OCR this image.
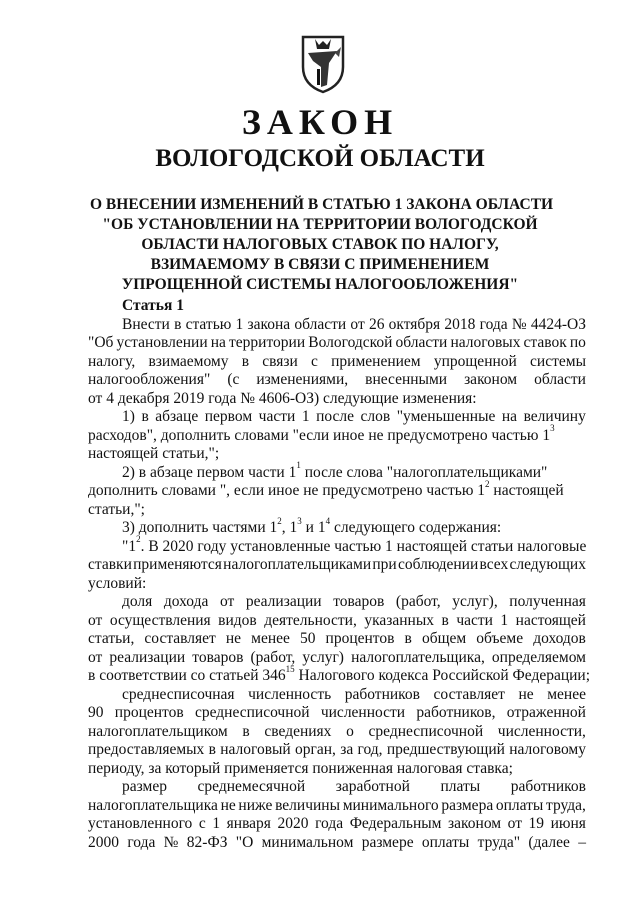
ЗАКОН
ВОЛОГОДСКОЙ ОБЛАСТИ
О ВНЕСЕНИИ ИЗМЕНЕНИЙ В СТАТЬЮ 1 ЗАКОНА ОБЛАСТИ
"ОБ УСТАНОВЛЕНИИ НА ТЕРРИТОРИИ ВОЛОГОДСКОЙ
ОБЛАСТИ НАЛОГОВЫХ СТАВОК ПО НАЛОГУ,
ВЗИМАЕМОМУ В СВЯЗИ С ПРИМЕНЕНИЕМ
УПРОЩЕННОЙ СИСТЕМЫ НАЛОГООБЛОЖЕНИЯ"
Статья 1
Внести в статью 1 закона области от 26 октября 2018 года № 4424-ОЗ
"Об установлении на территории Вологодской области налоговых ставок по
налогу, взимаемому в связи с применением упрощенной системы
налогообложения" (с изменениями, внесенными законом области
от 4 декабря 2019 года № 4606-ОЗ) следующие изменения:
1) в абзаце первом части 1 после слов "уменьшенные на величину
расходов", дополнить словами "если иное не предусмотрено частью $1^3$
настоящей статьи,";
2) в абзаце первом части $1^1$ после слова "налогоплательщиками"
дополнить словами ", если иное не предусмотрено частью $1^2$ настоящей
статьи,";
3) дополнить частями $1^2$, $1^3$ и $1^4$ следующего содержания:
"$1^2$. В 2020 году установленные частью 1 настоящей статьи налоговые
ставки применяются налогоплательщиками при соблюдении всех следующих
условий:
доля дохода от реализации товаров (работ, услуг), полученная
от осуществления видов деятельности, указанных в части 1 настоящей
статьи, составляет не менее 50 процентов в общем объеме доходов
от реализации товаров (работ, услуг) налогоплательщика, определяемом
в соответствии со статьей $346^{15}$ Налогового кодекса Российской Федерации;
среднесписочная численность работников составляет не менее
90 процентов среднесписочной численности работников, отраженной
налогоплательщиком в сведениях о среднесписочной численности,
предоставляемых в налоговый орган, за год, предшествующий налоговому
периоду, за который применяется пониженная налоговая ставка;
размер среднемесячной заработной платы работников
налогоплательщика не ниже величины минимального размера оплаты труда,
установленного с 1 января 2020 года Федеральным законом от 19 июня
2000 года № 82-ФЗ "О минимальном размере оплаты труда" (далее –
